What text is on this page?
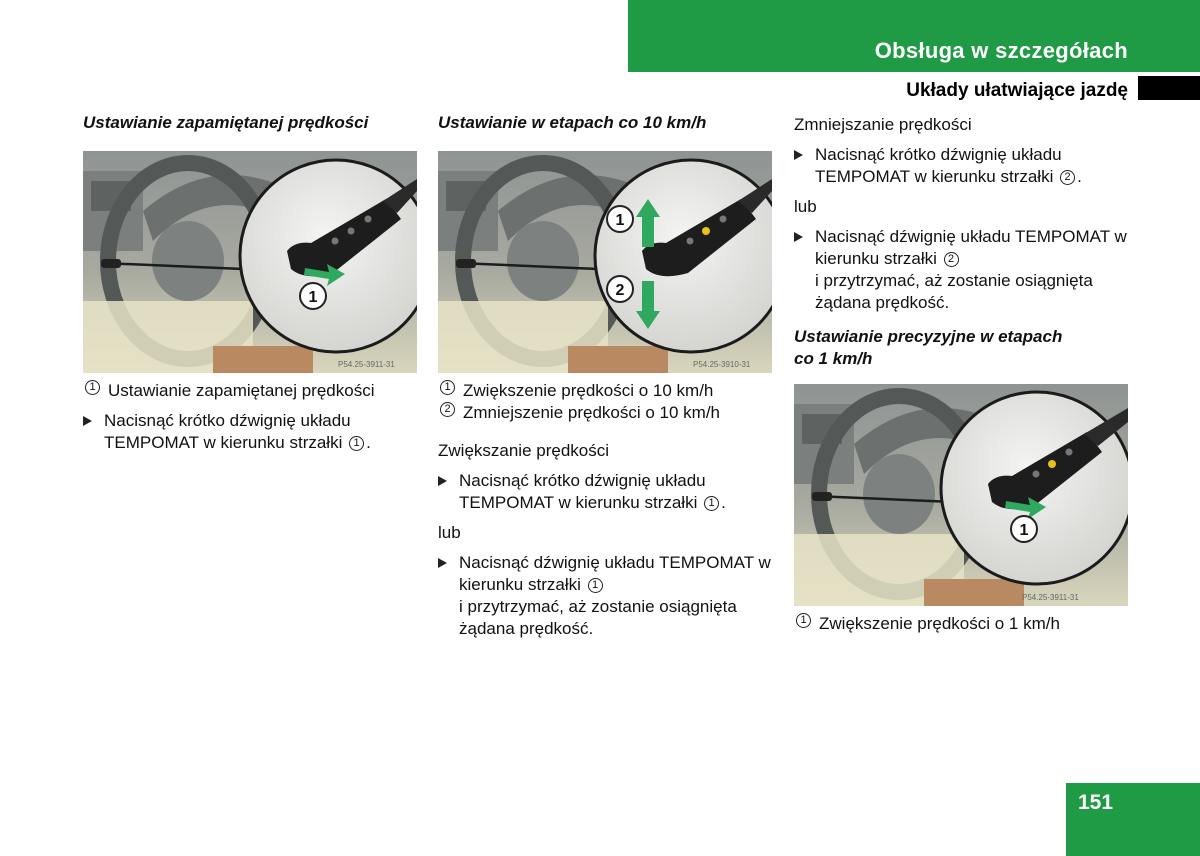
Obsługa w szczegółach
Układy ułatwiające jazdę

Ustawianie zapamiętanej prędkości

1
P54.25-3911-31
1 Ustawianie zapamiętanej prędkości
Nacisnąć krótko dźwignię układu TEMPOMAT w kierunku strzałki 1 .

Ustawianie w etapach co 10 km/h

1
2
P54.25-3910-31
1 Zwiększenie prędkości o 10 km/h
2 Zmniejszenie prędkości o 10 km/h

Zwiększanie prędkości

Nacisnąć krótko dźwignię układu TEMPOMAT w kierunku strzałki 1 .

lub

Nacisnąć dźwignię układu TEMPOMAT w kierunku strzałki 1
i przytrzymać, aż zostanie osiągnięta żądana prędkość.

Zmniejszanie prędkości

Nacisnąć krótko dźwignię układu TEMPOMAT w kierunku strzałki 2 .

lub

Nacisnąć dźwignię układu TEMPOMAT w kierunku strzałki 2
i przytrzymać, aż zostanie osiągnięta żądana prędkość.

Ustawianie precyzyjne w etapach
co 1 km/h

1
P54.25-3911-31
1 Zwiększenie prędkości o 1 km/h
151
